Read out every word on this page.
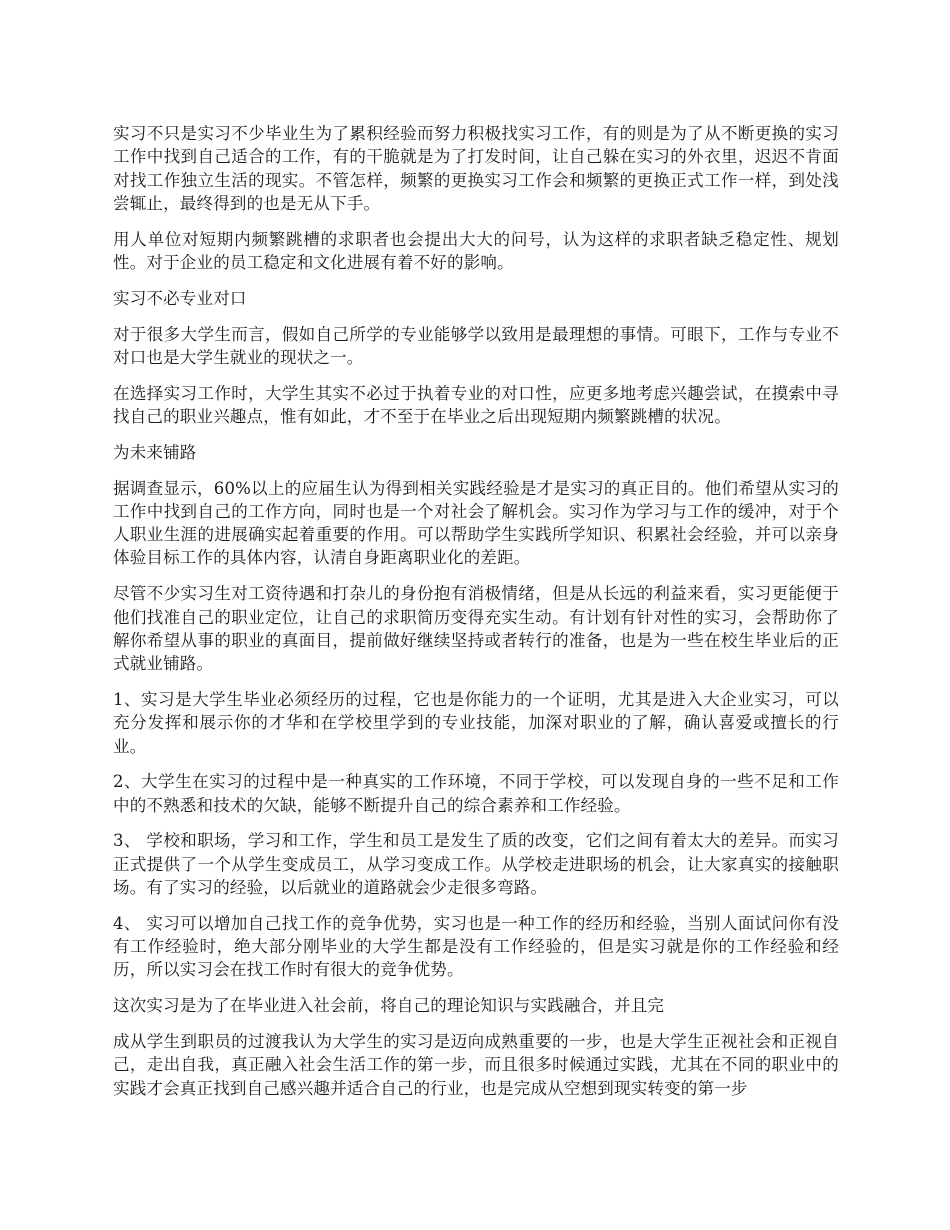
实习不只是实习不少毕业生为了累积经验而努力积极找实习工作，有的则是为了从不断更换的实习工作中找到自己适合的工作，有的干脆就是为了打发时间，让自己躲在实习的外衣里，迟迟不肯面对找工作独立生活的现实。不管怎样，频繁的更换实习工作会和频繁的更换正式工作一样，到处浅尝辄止，最终得到的也是无从下手。

用人单位对短期内频繁跳槽的求职者也会提出大大的问号，认为这样的求职者缺乏稳定性、规划性。对于企业的员工稳定和文化进展有着不好的影响。

实习不必专业对口

对于很多大学生而言，假如自己所学的专业能够学以致用是最理想的事情。可眼下，工作与专业不对口也是大学生就业的现状之一。

在选择实习工作时，大学生其实不必过于执着专业的对口性，应更多地考虑兴趣尝试，在摸索中寻找自己的职业兴趣点，惟有如此，才不至于在毕业之后出现短期内频繁跳槽的状况。

为未来铺路

据调查显示，60%以上的应届生认为得到相关实践经验是才是实习的真正目的。他们希望从实习的工作中找到自己的工作方向，同时也是一个对社会了解机会。实习作为学习与工作的缓冲，对于个人职业生涯的进展确实起着重要的作用。可以帮助学生实践所学知识、积累社会经验，并可以亲身体验目标工作的具体内容，认清自身距离职业化的差距。

尽管不少实习生对工资待遇和打杂儿的身份抱有消极情绪，但是从长远的利益来看，实习更能便于他们找准自己的职业定位，让自己的求职简历变得充实生动。有计划有针对性的实习，会帮助你了解你希望从事的职业的真面目，提前做好继续坚持或者转行的准备，也是为一些在校生毕业后的正式就业铺路。

1、实习是大学生毕业必须经历的过程，它也是你能力的一个证明，尤其是进入大企业实习，可以充分发挥和展示你的才华和在学校里学到的专业技能，加深对职业的了解，确认喜爱或擅长的行业。

2、大学生在实习的过程中是一种真实的工作环境，不同于学校，可以发现自身的一些不足和工作中的不熟悉和技术的欠缺，能够不断提升自己的综合素养和工作经验。

3、 学校和职场，学习和工作，学生和员工是发生了质的改变，它们之间有着太大的差异。而实习正式提供了一个从学生变成员工，从学习变成工作。从学校走进职场的机会，让大家真实的接触职场。有了实习的经验，以后就业的道路就会少走很多弯路。

4、 实习可以增加自己找工作的竞争优势，实习也是一种工作的经历和经验，当别人面试问你有没有工作经验时，绝大部分刚毕业的大学生都是没有工作经验的，但是实习就是你的工作经验和经历，所以实习会在找工作时有很大的竞争优势。

这次实习是为了在毕业进入社会前，将自己的理论知识与实践融合，并且完

成从学生到职员的过渡我认为大学生的实习是迈向成熟重要的一步，也是大学生正视社会和正视自己，走出自我，真正融入社会生活工作的第一步，而且很多时候通过实践，尤其在不同的职业中的实践才会真正找到自己感兴趣并适合自己的行业，也是完成从空想到现实转变的第一步
